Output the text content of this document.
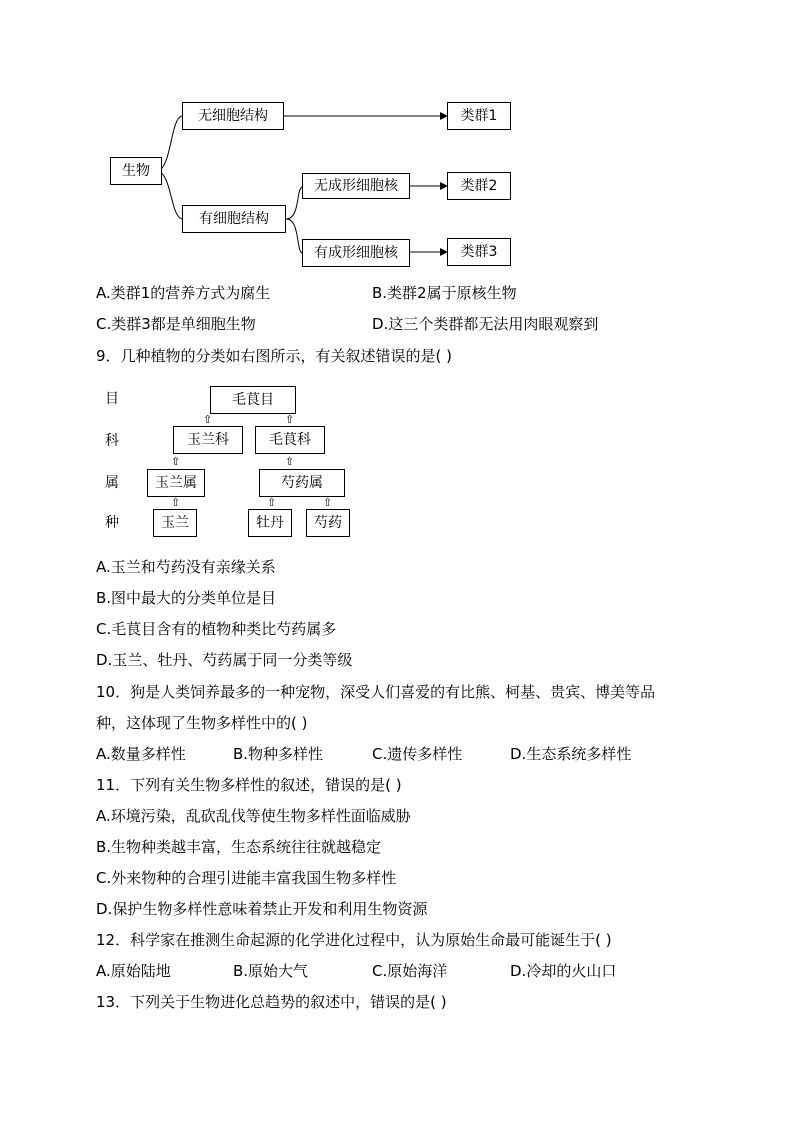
生物
无细胞结构
有细胞结构
无成形细胞核
有成形细胞核
类群1
类群2
类群3
A.类群1的营养方式为腐生	B.类群2属于原核生物
C.类群3都是单细胞生物	D.这三个类群都无法用肉眼观察到
9．几种植物的分类如右图所示，有关叙述错误的是( )
目
科
属
种
毛茛目
玉兰科	毛茛科
玉兰属	芍药属
玉兰	牡丹	芍药
⇧	⇧
⇧	⇧
⇧	⇧	⇧
A.玉兰和芍药没有亲缘关系
B.图中最大的分类单位是目
C.毛茛目含有的植物种类比芍药属多
D.玉兰、牡丹、芍药属于同一分类等级
10．狗是人类饲养最多的一种宠物，深受人们喜爱的有比熊、柯基、贵宾、博美等品
种，这体现了生物多样性中的( )
A.数量多样性	B.物种多样性	C.遗传多样性	D.生态系统多样性
11．下列有关生物多样性的叙述，错误的是( )
A.环境污染，乱砍乱伐等使生物多样性面临威胁
B.生物种类越丰富，生态系统往往就越稳定
C.外来物种的合理引进能丰富我国生物多样性
D.保护生物多样性意味着禁止开发和利用生物资源
12．科学家在推测生命起源的化学进化过程中，认为原始生命最可能诞生于( )
A.原始陆地	B.原始大气	C.原始海洋	D.冷却的火山口
13．下列关于生物进化总趋势的叙述中，错误的是( )
